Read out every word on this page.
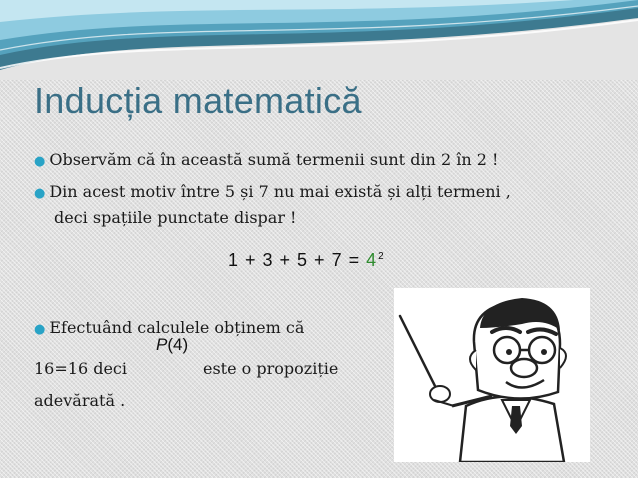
Inducția matematică
● Observăm că în această sumă termenii sunt din 2 în 2 !
● Din acest motiv între 5 și 7 nu mai există și alți termeni ,
deci spațiile punctate dispar !
$1 + 3 + 5 + 7 = 4^2$
● Efectuând calculele obținem că
P(4)
16=16 deci	este o propoziție
adevărată .
